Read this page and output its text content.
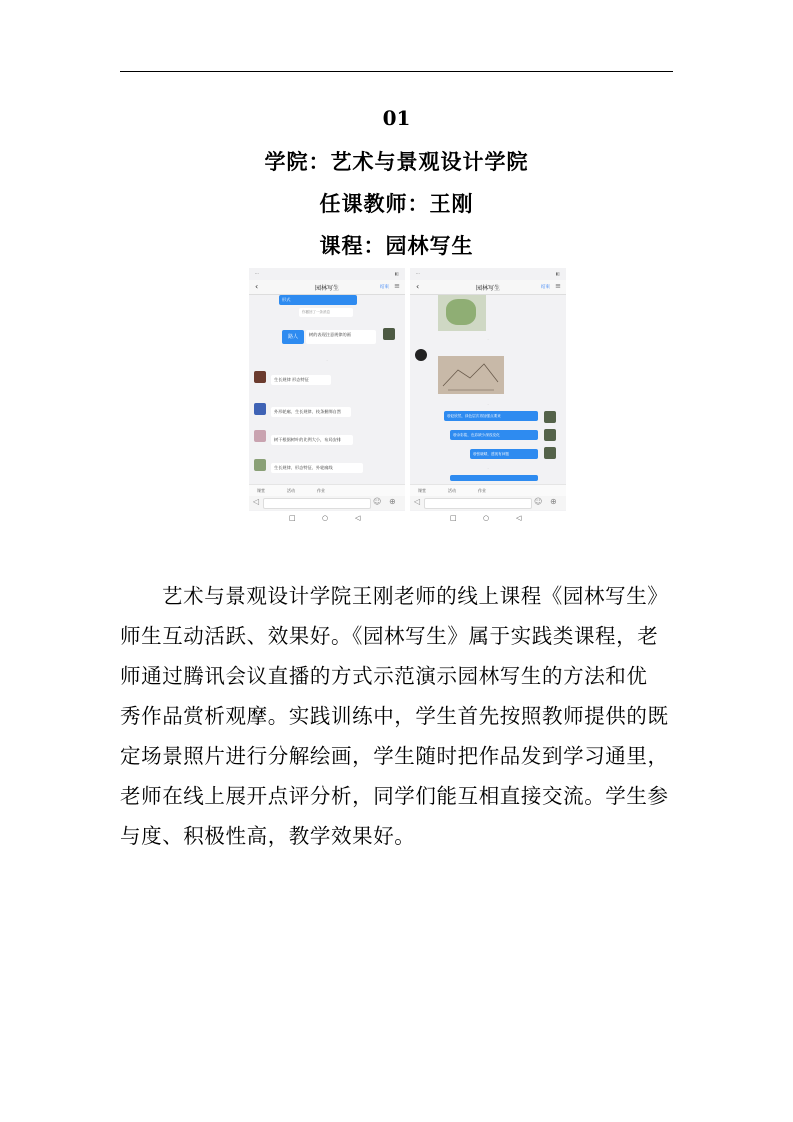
01
学院：艺术与景观设计学院
任课教师：王刚
课程：园林写生
···	▮▯
‹	园林写生	结束 ≡
形式
你撤回了一条消息
路人	树的表现注意规律的画
·
生长规律 形态特征
外形轮廓、生长规律、枝条捆绑自然
树干根据树叶的比例大小，布局安排
生长规律、形态特征、外轮廓线
课堂	活动	作业
◁	☺ ⊕
□	○	◁
···	▮▯
‹	园林写生	结束 ≡
·
·
@赵欣然，绿色层次再加强点要来
@余彩铭，色彩缺少深浅变化
@张晓晴，透视有问题
·
课堂	活动	作业
◁	☺ ⊕
□	○	◁
艺术与景观设计学院王刚老师的线上课程《园林写生》
师生互动活跃、效果好。《园林写生》属于实践类课程，老
师通过腾讯会议直播的方式示范演示园林写生的方法和优
秀作品赏析观摩。实践训练中，学生首先按照教师提供的既
定场景照片进行分解绘画，学生随时把作品发到学习通里，
老师在线上展开点评分析，同学们能互相直接交流。学生参
与度、积极性高，教学效果好。
